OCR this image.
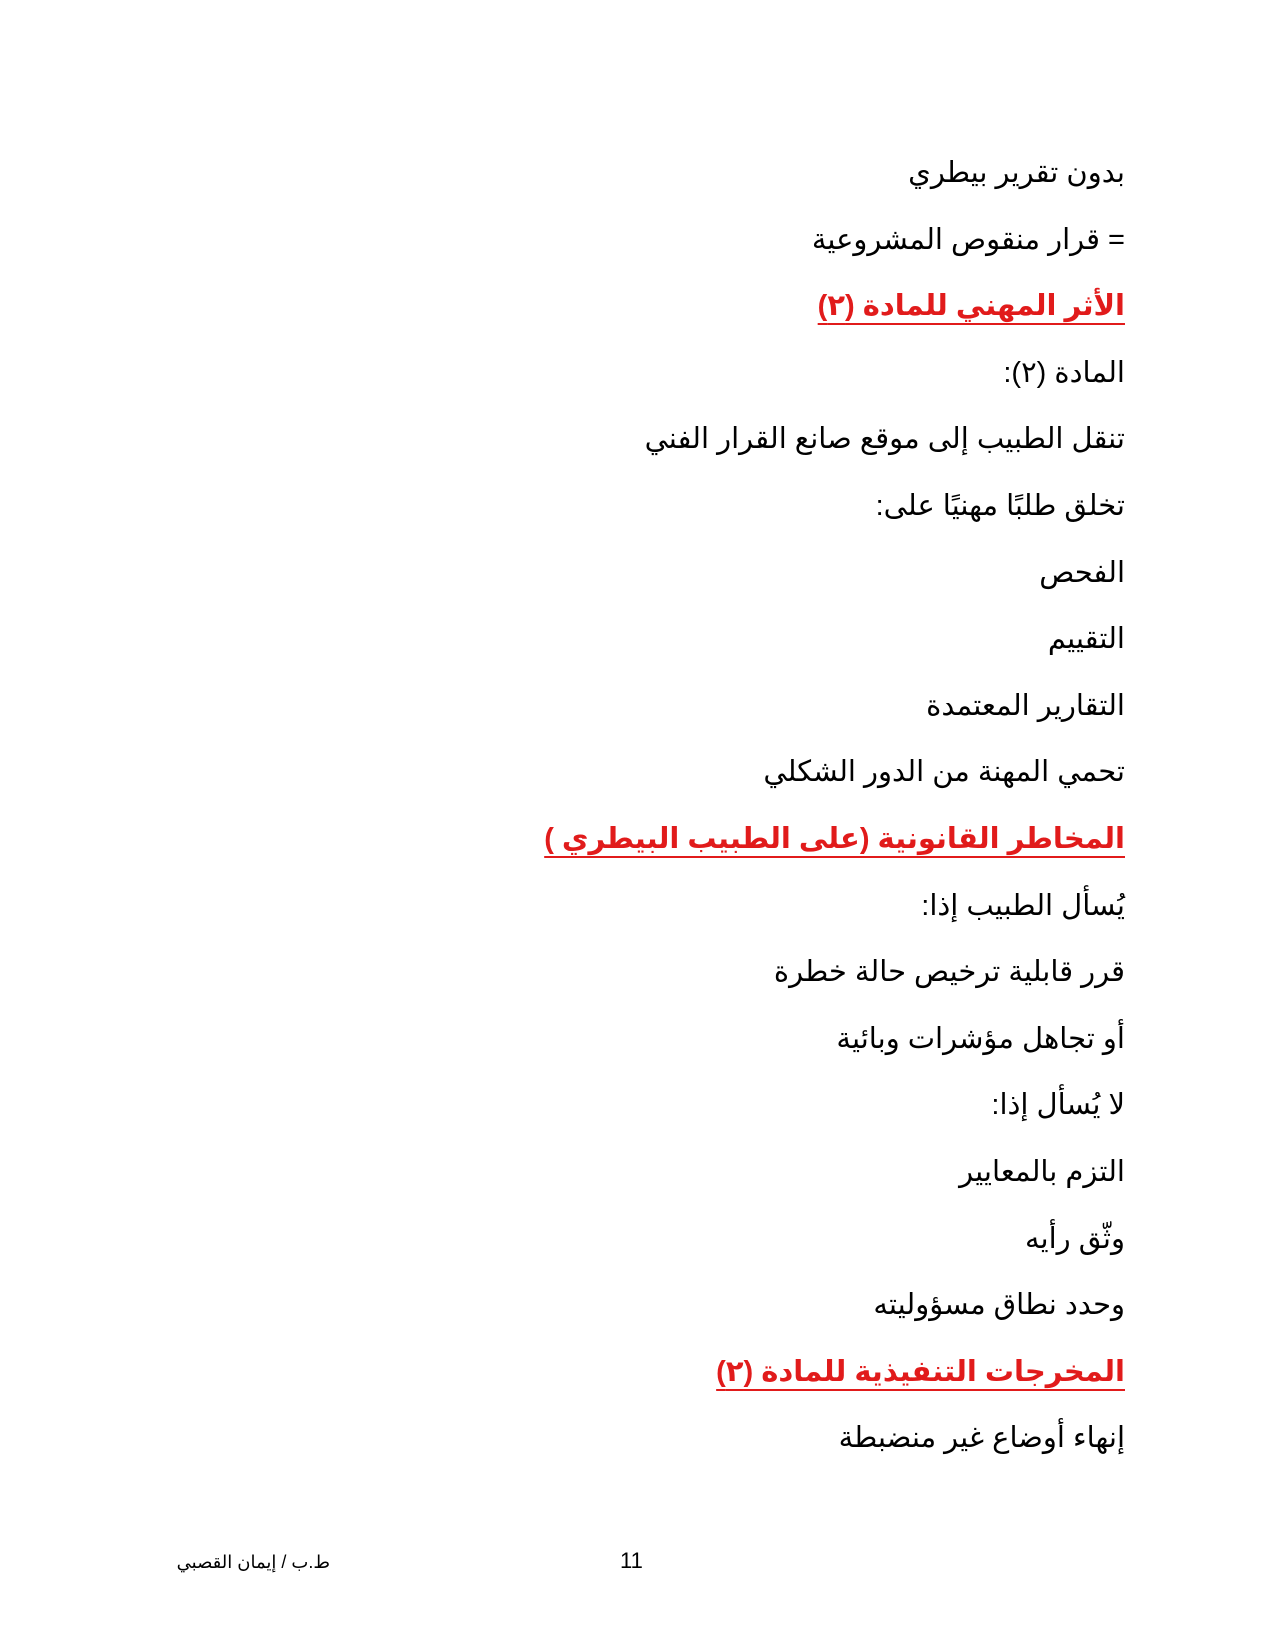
بدون تقرير بيطري
= قرار منقوص المشروعية
الأثر المهني للمادة (٢)
المادة (٢):
تنقل الطبيب إلى موقع صانع القرار الفني
تخلق طلبًا مهنيًا على:
الفحص
التقييم
التقارير المعتمدة
تحمي المهنة من الدور الشكلي
المخاطر القانونية (على الطبيب البيطري )
يُسأل الطبيب إذا:
قرر قابلية ترخيص حالة خطرة
أو تجاهل مؤشرات وبائية
لا يُسأل إذا:
التزم بالمعايير
وثّق رأيه
وحدد نطاق مسؤوليته
المخرجات التنفيذية للمادة (٢)
إنهاء أوضاع غير منضبطة
ط.ب / إيمان القصبي	11
